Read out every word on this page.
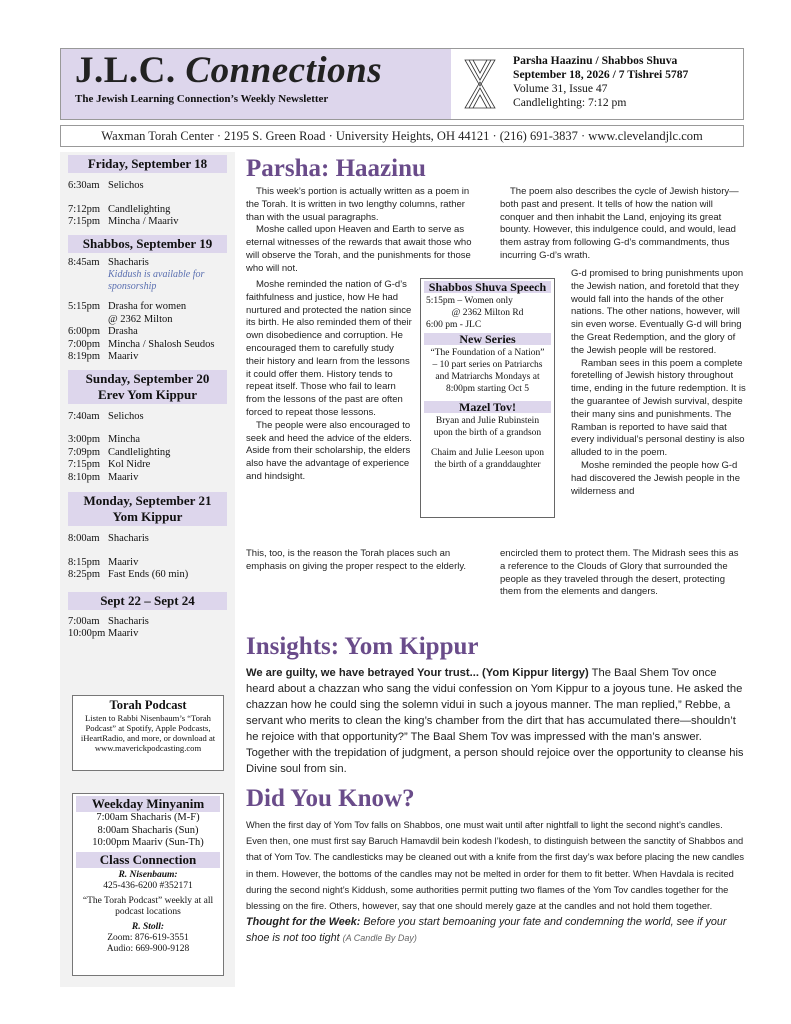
J.L.C. Connections
The Jewish Learning Connection’s Weekly Newsletter
Parsha Haazinu / Shabbos Shuva
September 18, 2026 / 7 Tishrei 5787
Volume 31, Issue 47
Candlelighting: 7:12 pm
Waxman Torah Center · 2195 S. Green Road · University Heights, OH 44121 · (216) 691-3837 · www.clevelandjlc.com
Friday, September 18
6:30am Selichos
7:12pm Candlelighting
7:15pm Mincha / Maariv
Shabbos, September 19
8:45am Shacharis
Kiddush is available for sponsorship
5:15pm Drasha for women
@ 2362 Milton
6:00pm Drasha
7:00pm Mincha / Shalosh Seudos
8:19pm Maariv
Sunday, September 20
Erev Yom Kippur
7:40am Selichos
3:00pm Mincha
7:09pm Candlelighting
7:15pm Kol Nidre
8:10pm Maariv
Monday, September 21
Yom Kippur
8:00am Shacharis
8:15pm Maariv
8:25pm Fast Ends (60 min)
Sept 22 – Sept 24
7:00am Shacharis
10:00pm Maariv
Torah Podcast

Listen to Rabbi Nisenbaum’s “Torah Podcast” at Spotify, Apple Podcasts, iHeartRadio, and more, or download at www.maverickpodcasting.com

Weekday Minyanim
7:00am Shacharis (M-F)
8:00am Shacharis (Sun)
10:00pm Maariv (Sun-Th)
Class Connection
R. Nisenbaum:
425-436-6200 #352171
“The Torah Podcast” weekly at all podcast locations
R. Stoll:
Zoom: 876-619-3551
Audio: 669-900-9128
Parsha: Haazinu

This week’s portion is actually written as a poem in the Torah. It is written in two lengthy columns, rather than with the usual paragraphs.

Moshe called upon Heaven and Earth to serve as eternal witnesses of the rewards that await those who will observe the Torah, and the punishments for those who will not.

Moshe reminded the nation of G-d’s faithfulness and justice, how He had nurtured and protected the nation since its birth. He also reminded them of their own disobedience and corruption. He encouraged them to carefully study their history and learn from the lessons it could offer them. History tends to repeat itself. Those who fail to learn from the lessons of the past are often forced to repeat those lessons.

The people were also encouraged to seek and heed the advice of the elders. Aside from their scholarship, the elders also have the advantage of experience and hindsight.

This, too, is the reason the Torah places such an emphasis on giving the proper respect to the elderly.

The poem also describes the cycle of Jewish history— both past and present. It tells of how the nation will conquer and then inhabit the Land, enjoying its great bounty. However, this indulgence could, and would, lead them astray from following G-d’s commandments, thus incurring G-d’s wrath.

G-d promised to bring punishments upon the Jewish nation, and foretold that they would fall into the hands of the other nations. The other nations, however, will sin even worse. Eventually G-d will bring the Great Redemption, and the glory of the Jewish people will be restored.

Ramban sees in this poem a complete foretelling of Jewish history throughout time, ending in the future redemption. It is the guarantee of Jewish survival, despite their many sins and punishments. The Ramban is reported to have said that every individual’s personal destiny is also alluded to in the poem.

Moshe reminded the people how G-d had discovered the Jewish people in the wilderness and

encircled them to protect them. The Midrash sees this as a reference to the Clouds of Glory that surrounded the people as they traveled through the desert, protecting them from the elements and dangers.

Shabbos Shuva Speech
5:15pm – Women only
@ 2362 Milton Rd
6:00 pm - JLC
New Series
“The Foundation of a Nation” – 10 part series on Patriarchs and Matriarchs Mondays at 8:00pm starting Oct 5
Mazel Tov!
Bryan and Julie Rubinstein upon the birth of a grandson
Chaim and Julie Leeson upon the birth of a granddaughter
Insights: Yom Kippur
We are guilty, we have betrayed Your trust... (Yom Kippur litergy) The Baal Shem Tov once heard about a chazzan who sang the vidui confession on Yom Kippur to a joyous tune. He asked the chazzan how he could sing the solemn vidui in such a joyous manner. The man replied,” Rebbe, a servant who merits to clean the king’s chamber from the dirt that has accumulated there—shouldn’t he rejoice with that opportunity?” The Baal Shem Tov was impressed with the man’s answer. Together with the trepidation of judgment, a person should rejoice over the opportunity to cleanse his Divine soul from sin.
Did You Know?
When the first day of Yom Tov falls on Shabbos, one must wait until after nightfall to light the second night’s candles. Even then, one must first say Baruch Hamavdil bein kodesh l’kodesh, to distinguish between the sanctity of Shabbos and that of Yom Tov. The candlesticks may be cleaned out with a knife from the first day’s wax before placing the new candles in them. However, the bottoms of the candles may not be melted in order for them to fit better. When Havdala is recited during the second night’s Kiddush, some authorities permit putting two flames of the Yom Tov candles together for the blessing on the fire. Others, however, say that one should merely gaze at the candles and not hold them together.
Thought for the Week: Before you start bemoaning your fate and condemning the world, see if your shoe is not too tight (A Candle By Day)
